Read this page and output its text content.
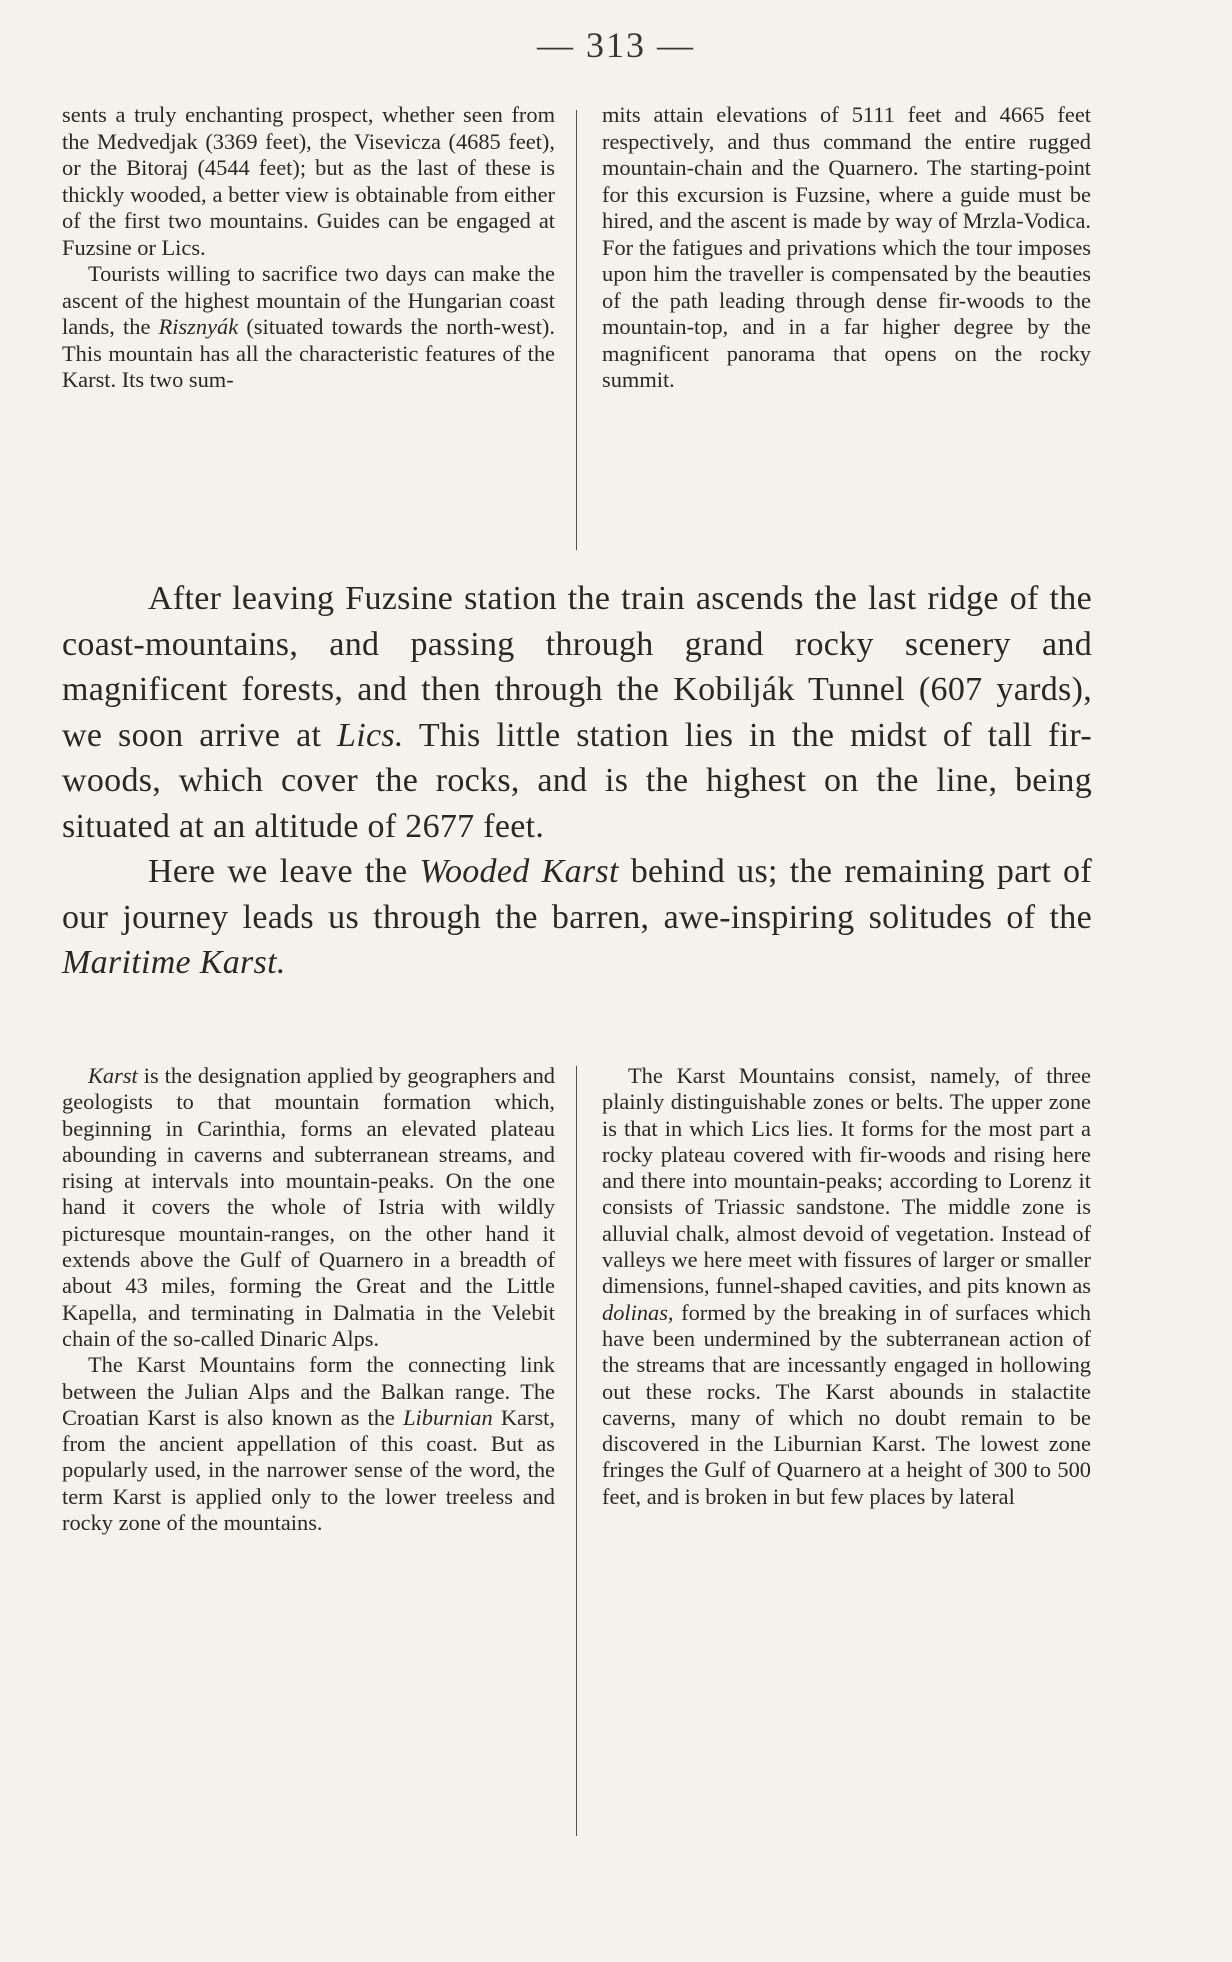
— 313 —

sents a truly enchanting prospect, whether seen from the Medvedjak (3369 feet), the Visevicza (4685 feet), or the Bitoraj (4544 feet); but as the last of these is thickly wooded, a better view is obtainable from either of the first two mountains. Guides can be engaged at Fuzsine or Lics.

Tourists willing to sacrifice two days can make the ascent of the highest mountain of the Hungarian coast lands, the Risznyák (situated towards the north-west). This mountain has all the characteristic features of the Karst. Its two sum-

mits attain elevations of 5111 feet and 4665 feet respectively, and thus command the entire rugged mountain-chain and the Quarnero. The starting-point for this excursion is Fuzsine, where a guide must be hired, and the ascent is made by way of Mrzla-Vodica. For the fatigues and privations which the tour imposes upon him the traveller is compensated by the beauties of the path leading through dense fir-woods to the mountain-top, and in a far higher degree by the magnificent panorama that opens on the rocky summit.

After leaving Fuzsine station the train ascends the last ridge of the coast-mountains, and passing through grand rocky scenery and magnificent forests, and then through the Kobilják Tunnel (607 yards), we soon arrive at Lics. This little station lies in the midst of tall fir-woods, which cover the rocks, and is the highest on the line, being situated at an altitude of 2677 feet.

Here we leave the Wooded Karst behind us; the remaining part of our journey leads us through the barren, awe-inspiring solitudes of the Maritime Karst.

Karst is the designation applied by geographers and geologists to that mountain formation which, beginning in Carinthia, forms an elevated plateau abounding in caverns and subterranean streams, and rising at intervals into mountain-peaks. On the one hand it covers the whole of Istria with wildly picturesque mountain-ranges, on the other hand it extends above the Gulf of Quarnero in a breadth of about 43 miles, forming the Great and the Little Kapella, and terminating in Dalmatia in the Velebit chain of the so-called Dinaric Alps.

The Karst Mountains form the connecting link between the Julian Alps and the Balkan range. The Croatian Karst is also known as the Liburnian Karst, from the ancient appellation of this coast. But as popularly used, in the narrower sense of the word, the term Karst is applied only to the lower treeless and rocky zone of the mountains.

The Karst Mountains consist, namely, of three plainly distinguishable zones or belts. The upper zone is that in which Lics lies. It forms for the most part a rocky plateau covered with fir-woods and rising here and there into mountain-peaks; according to Lorenz it consists of Triassic sandstone. The middle zone is alluvial chalk, almost devoid of vegetation. Instead of valleys we here meet with fissures of larger or smaller dimensions, funnel-shaped cavities, and pits known as dolinas, formed by the breaking in of surfaces which have been undermined by the subterranean action of the streams that are incessantly engaged in hollowing out these rocks. The Karst abounds in stalactite caverns, many of which no doubt remain to be discovered in the Liburnian Karst. The lowest zone fringes the Gulf of Quarnero at a height of 300 to 500 feet, and is broken in but few places by lateral
